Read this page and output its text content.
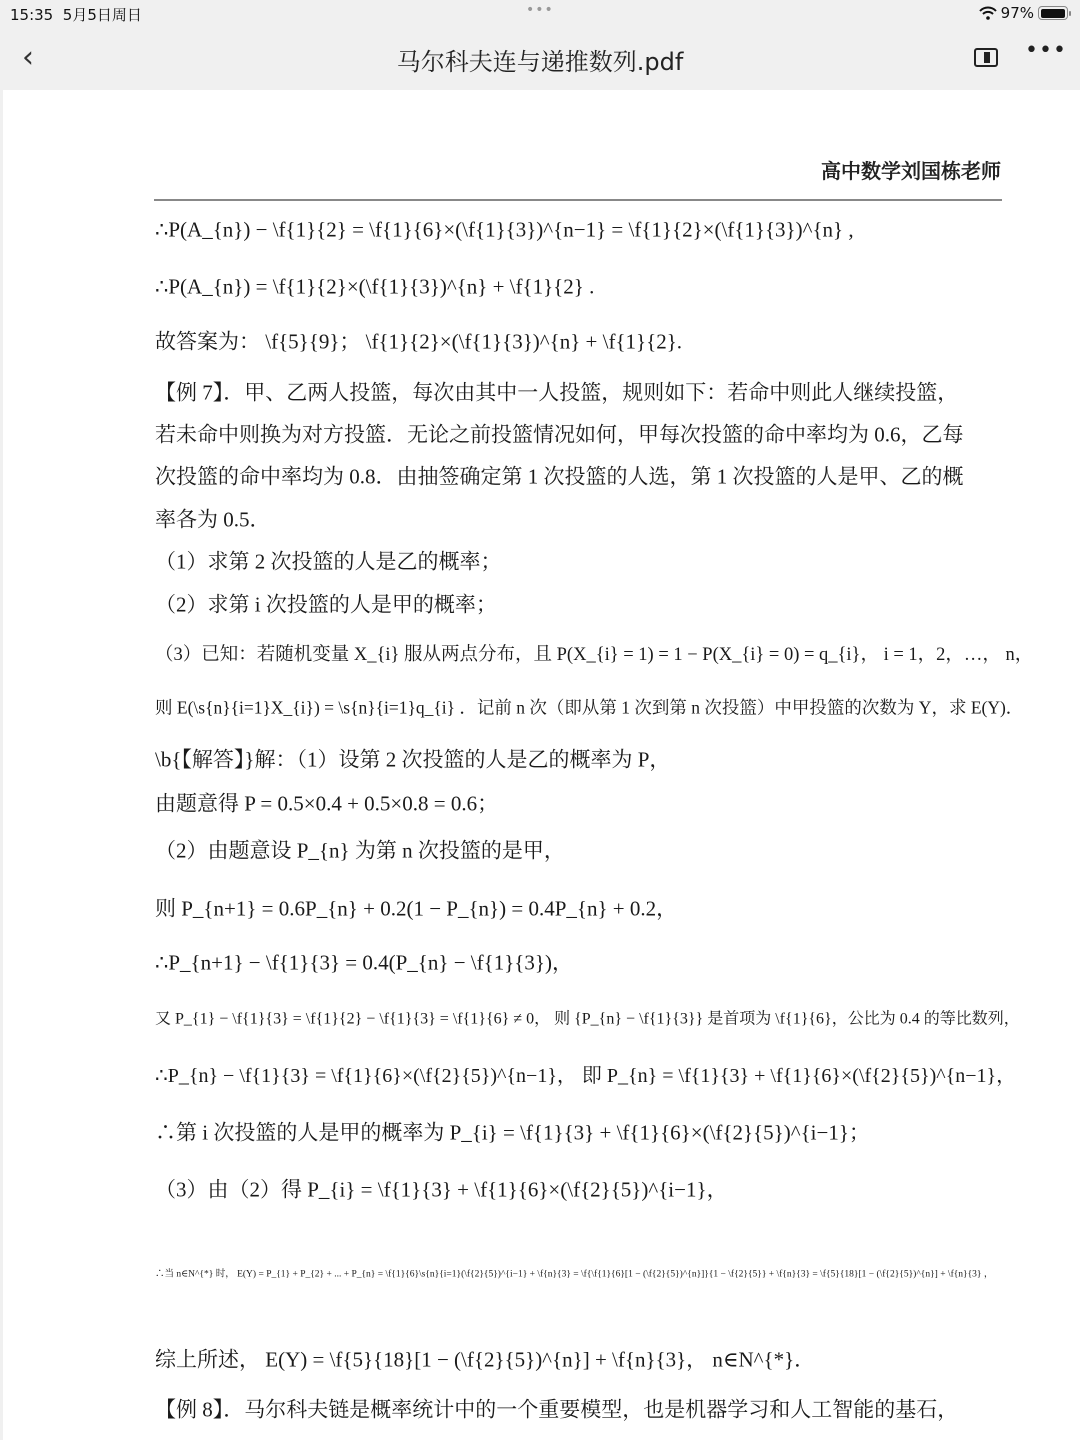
15:35 5月5日周日	•••	97%
‹	马尔科夫连与递推数列.pdf	•••
高中数学刘国栋老师
∴P(A_{n}) − \f{1}{2} = \f{1}{6}×(\f{1}{3})^{n−1} = \f{1}{2}×(\f{1}{3})^{n} ,
∴P(A_{n}) = \f{1}{2}×(\f{1}{3})^{n} + \f{1}{2} .
故答案为： \f{5}{9}； \f{1}{2}×(\f{1}{3})^{n} + \f{1}{2}.
【例 7】．甲、乙两人投篮，每次由其中一人投篮，规则如下：若命中则此人继续投篮，
若未命中则换为对方投篮．无论之前投篮情况如何，甲每次投篮的命中率均为 0.6，乙每
次投篮的命中率均为 0.8．由抽签确定第 1 次投篮的人选，第 1 次投篮的人是甲、乙的概
率各为 0.5．
（1）求第 2 次投篮的人是乙的概率；
（2）求第 i 次投篮的人是甲的概率；
（3）已知：若随机变量 X_{i} 服从两点分布，且 P(X_{i} = 1) = 1 − P(X_{i} = 0) = q_{i}， i = 1，2，…， n，
则 E(\s{n}{i=1}X_{i}) = \s{n}{i=1}q_{i} ．记前 n 次（即从第 1 次到第 n 次投篮）中甲投篮的次数为 Y，求 E(Y)．
\b{【解答】}解：（1）设第 2 次投篮的人是乙的概率为 P，
由题意得 P = 0.5×0.4 + 0.5×0.8 = 0.6；
（2）由题意设 P_{n} 为第 n 次投篮的是甲，
则 P_{n+1} = 0.6P_{n} + 0.2(1 − P_{n}) = 0.4P_{n} + 0.2，
∴P_{n+1} − \f{1}{3} = 0.4(P_{n} − \f{1}{3})，
又 P_{1} − \f{1}{3} = \f{1}{2} − \f{1}{3} = \f{1}{6} ≠ 0， 则 {P_{n} − \f{1}{3}} 是首项为 \f{1}{6}，公比为 0.4 的等比数列，
∴P_{n} − \f{1}{3} = \f{1}{6}×(\f{2}{5})^{n−1}， 即 P_{n} = \f{1}{3} + \f{1}{6}×(\f{2}{5})^{n−1}，
∴第 i 次投篮的人是甲的概率为 P_{i} = \f{1}{3} + \f{1}{6}×(\f{2}{5})^{i−1}；
（3）由（2）得 P_{i} = \f{1}{3} + \f{1}{6}×(\f{2}{5})^{i−1}，
∴当 n∈N^{*} 时， E(Y) = P_{1} + P_{2} + ... + P_{n} = \f{1}{6}\s{n}{i=1}(\f{2}{5})^{i−1} + \f{n}{3} = \f{\f{1}{6}[1 − (\f{2}{5})^{n}]}{1 − \f{2}{5}} + \f{n}{3} = \f{5}{18}[1 − (\f{2}{5})^{n}] + \f{n}{3} ，
综上所述， E(Y) = \f{5}{18}[1 − (\f{2}{5})^{n}] + \f{n}{3}， n∈N^{*}．
【例 8】．马尔科夫链是概率统计中的一个重要模型，也是机器学习和人工智能的基石，
